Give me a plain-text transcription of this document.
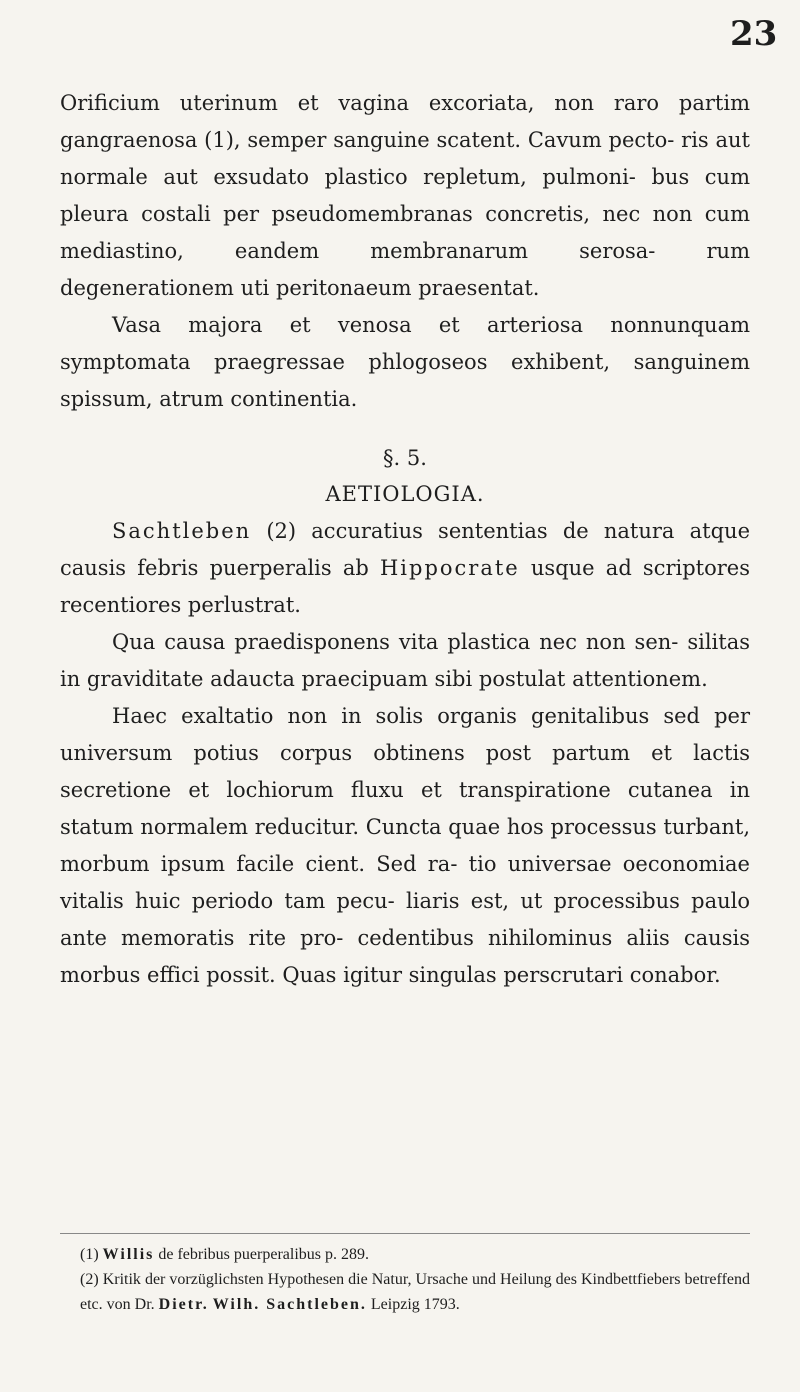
23

Orificium uterinum et vagina excoriata, non raro partim gangraenosa (1), semper sanguine scatent. Cavum pecto- ris aut normale aut exsudato plastico repletum, pulmoni- bus cum pleura costali per pseudomembranas concretis, nec non cum mediastino, eandem membranarum serosa- rum degenerationem uti peritonaeum praesentat.

Vasa majora et venosa et arteriosa nonnunquam symptomata praegressae phlogoseos exhibent, sanguinem spissum, atrum continentia.

§. 5.
AETIOLOGIA.

Sachtleben (2) accuratius sententias de natura atque causis febris puerperalis ab Hippocrate usque ad scriptores recentiores perlustrat.

Qua causa praedisponens vita plastica nec non sen- silitas in graviditate adaucta praecipuam sibi postulat attentionem.

Haec exaltatio non in solis organis genitalibus sed per universum potius corpus obtinens post partum et lactis secretione et lochiorum fluxu et transpiratione cutanea in statum normalem reducitur. Cuncta quae hos processus turbant, morbum ipsum facile cient. Sed ra- tio universae oeconomiae vitalis huic periodo tam pecu- liaris est, ut processibus paulo ante memoratis rite pro- cedentibus nihilominus aliis causis morbus effici possit. Quas igitur singulas perscrutari conabor.

(1) Willis de febribus puerperalibus p. 289.

(2) Kritik der vorzüglichsten Hypothesen die Natur, Ursache und Heilung des Kindbettfiebers betreffend etc. von Dr. Dietr. Wilh. Sachtleben. Leipzig 1793.
